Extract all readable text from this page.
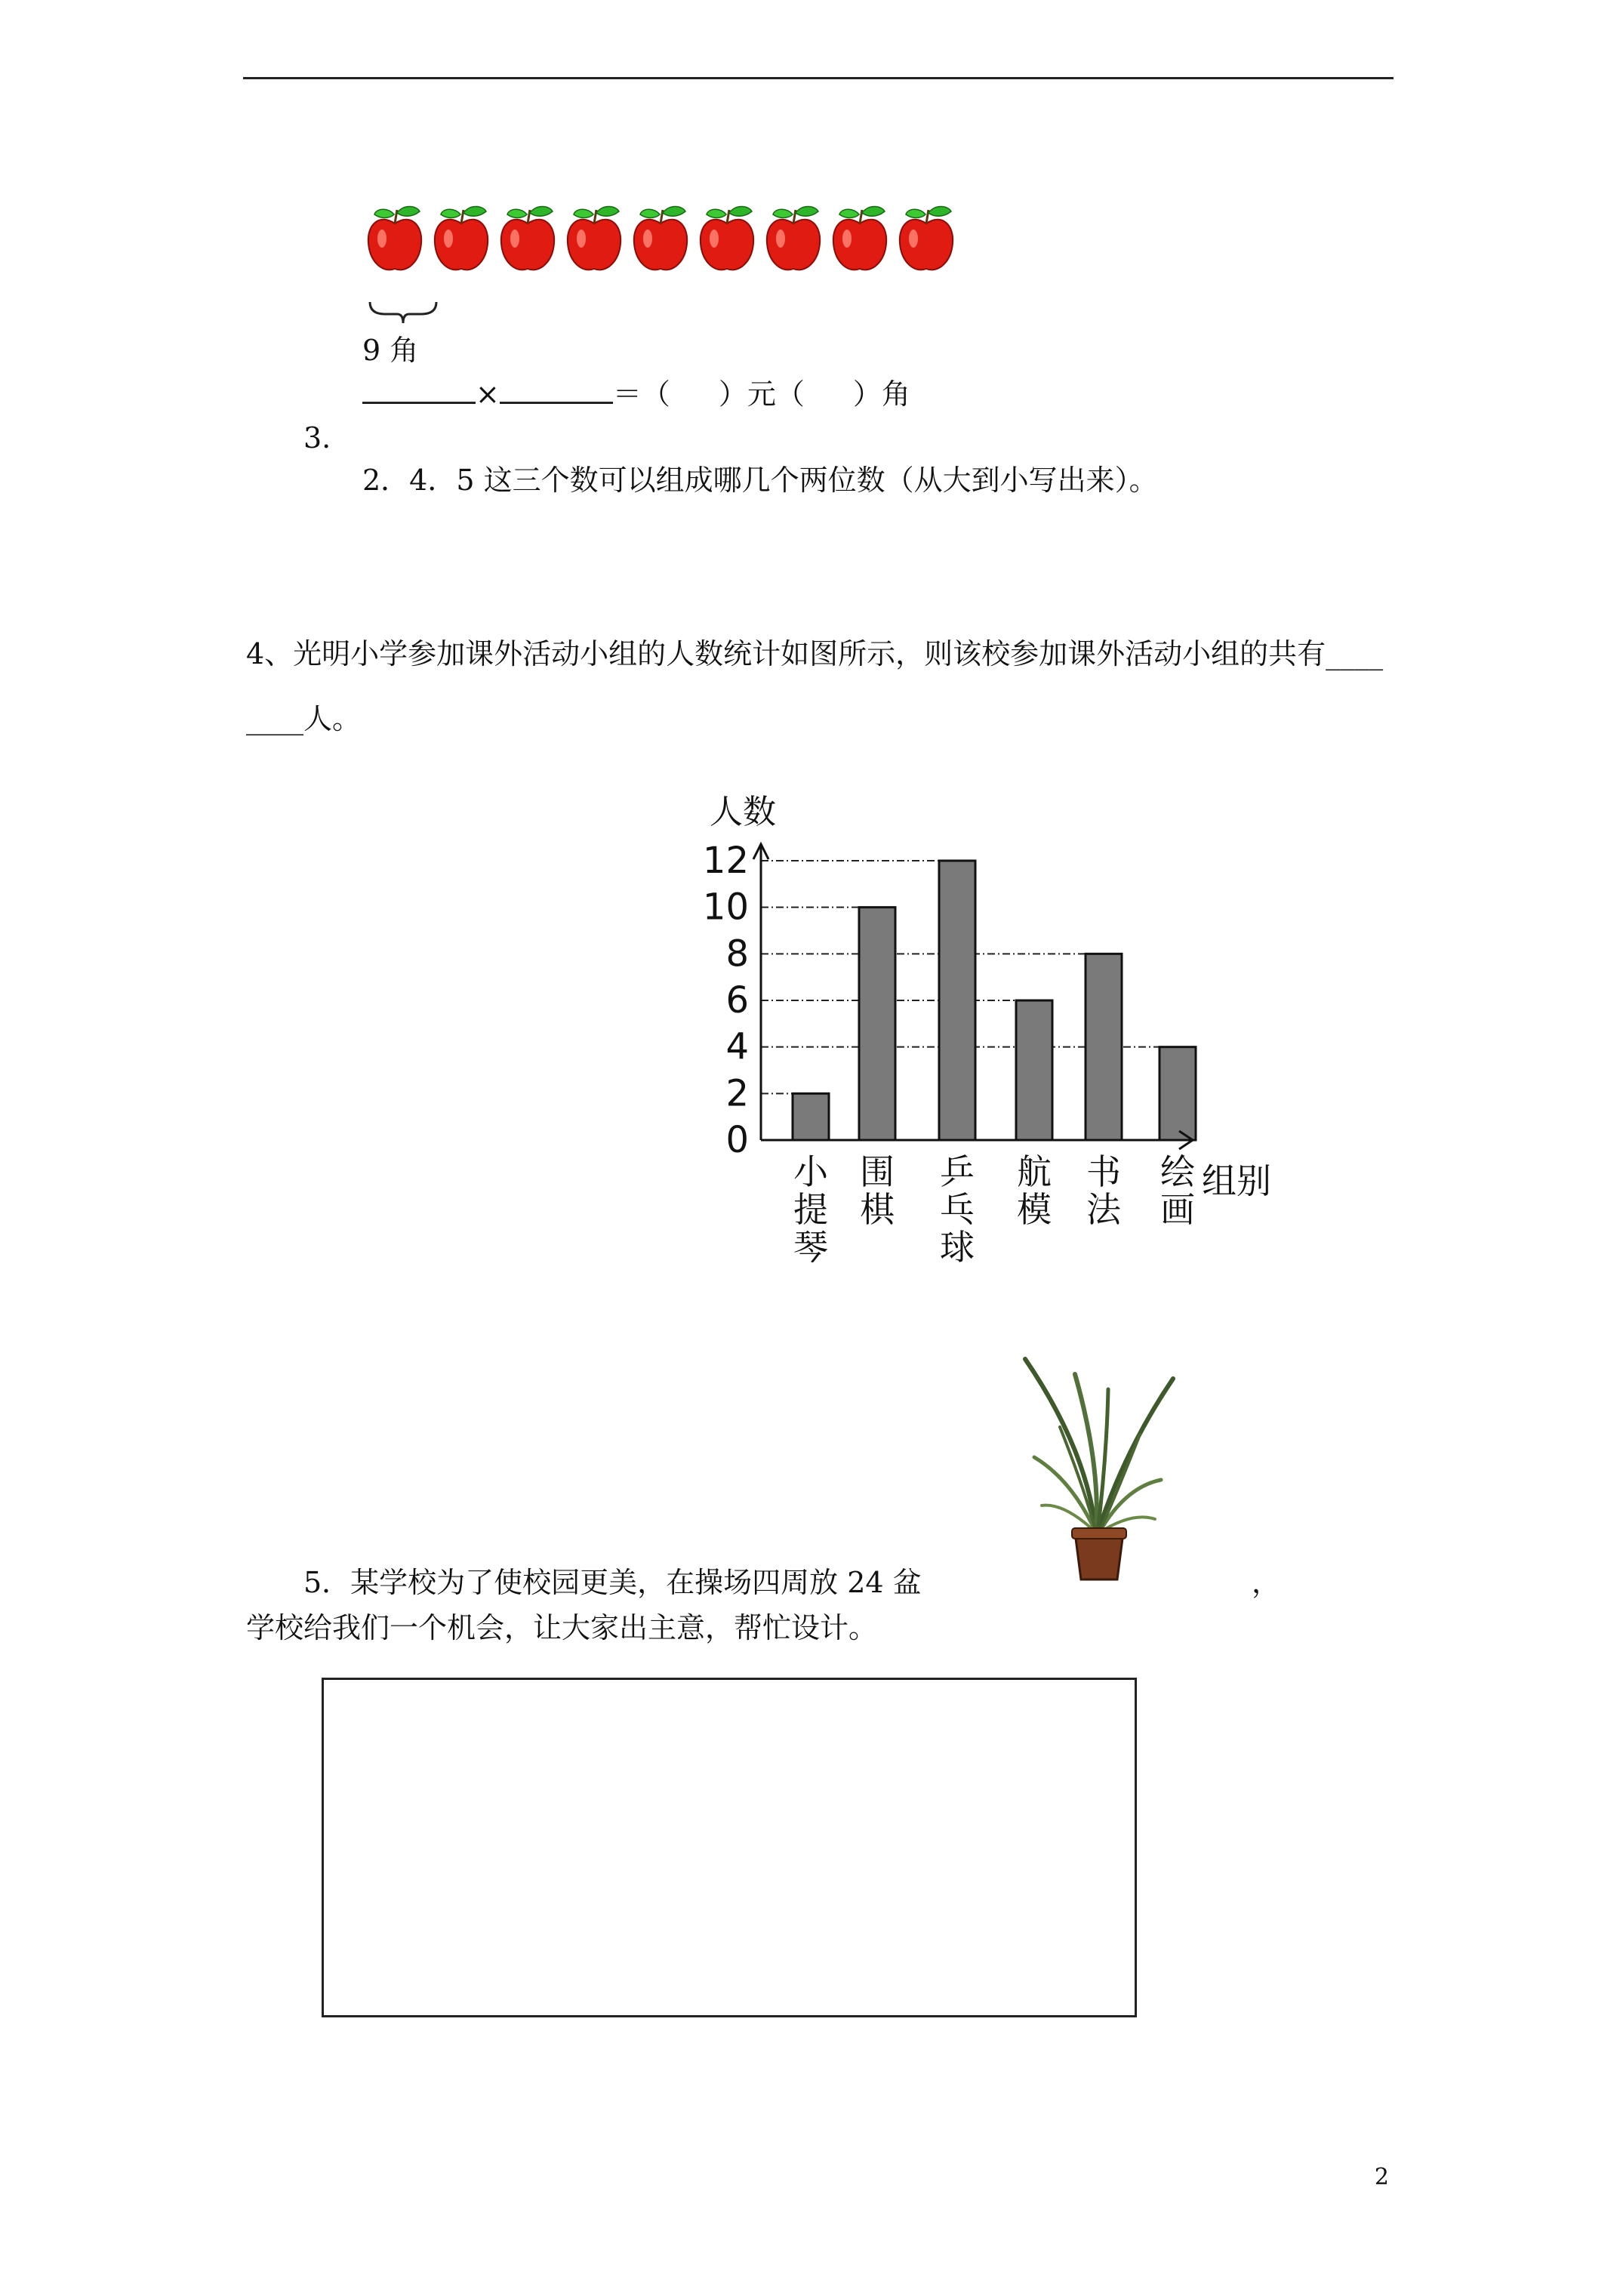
9 角
×	＝（ ）元（ ）角
3.
2．4．5 这三个数可以组成哪几个两位数（从大到小写出来）。
4、光明小学参加课外活动小组的人数统计如图所示，则该校参加课外活动小组的共有____
____人。
0
2
4
6
8
10
12
人数
组别
小提琴
围棋
乒乓球
航模
书法
绘画
5．某学校为了使校园更美，在操场四周放 24 盆	，
学校给我们一个机会，让大家出主意，帮忙设计。
2
